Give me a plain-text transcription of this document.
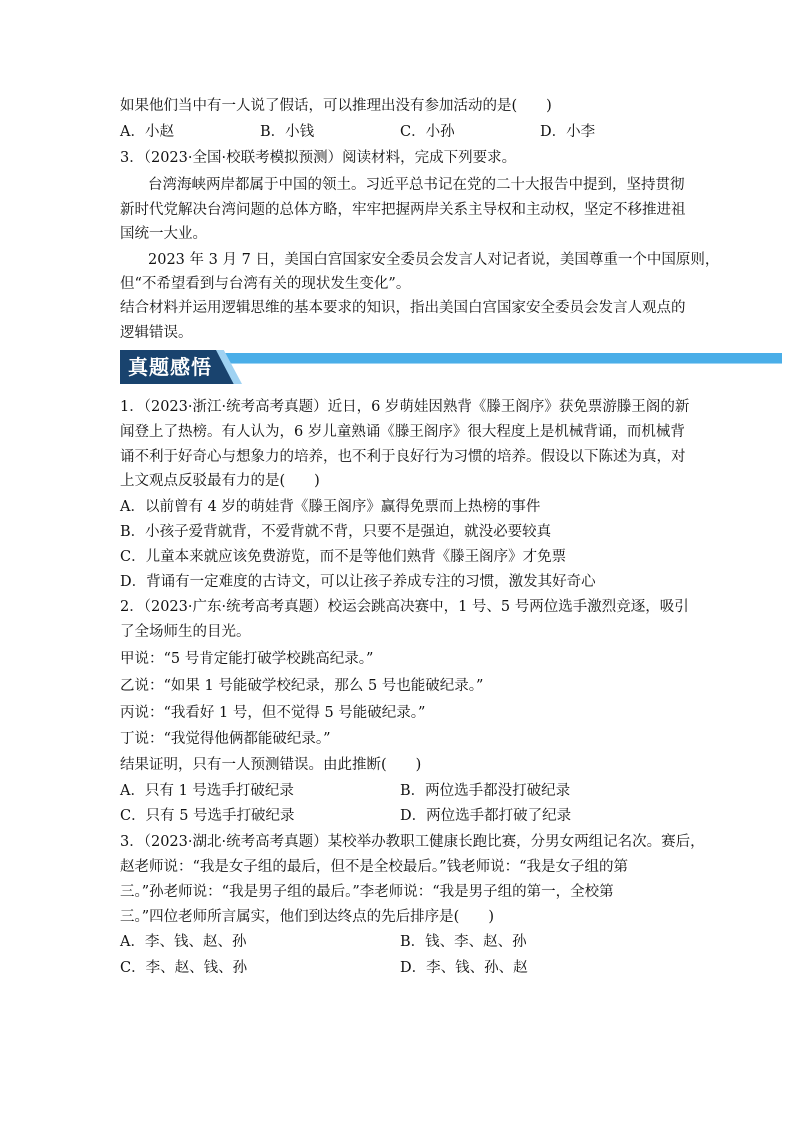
如果他们当中有一人说了假话，可以推理出没有参加活动的是(　　)
A．小赵	B．小钱	C．小孙	D．小李
3．（2023·全国·校联考模拟预测）阅读材料，完成下列要求。
台湾海峡两岸都属于中国的领土。习近平总书记在党的二十大报告中提到，坚持贯彻
新时代党解决台湾问题的总体方略，牢牢把握两岸关系主导权和主动权，坚定不移推进祖
国统一大业。
2023 年 3 月 7 日，美国白宫国家安全委员会发言人对记者说，美国尊重一个中国原则，
但“不希望看到与台湾有关的现状发生变化”。
结合材料并运用逻辑思维的基本要求的知识，指出美国白宫国家安全委员会发言人观点的
逻辑错误。
真题感悟
1．（2023·浙江·统考高考真题）近日，6 岁萌娃因熟背《滕王阁序》获免票游滕王阁的新
闻登上了热榜。有人认为，6 岁儿童熟诵《滕王阁序》很大程度上是机械背诵，而机械背
诵不利于好奇心与想象力的培养，也不利于良好行为习惯的培养。假设以下陈述为真，对
上文观点反驳最有力的是(　　)
A．以前曾有 4 岁的萌娃背《滕王阁序》赢得免票而上热榜的事件
B．小孩子爱背就背，不爱背就不背，只要不是强迫，就没必要较真
C．儿童本来就应该免费游览，而不是等他们熟背《滕王阁序》才免票
D．背诵有一定难度的古诗文，可以让孩子养成专注的习惯，激发其好奇心
2．（2023·广东·统考高考真题）校运会跳高决赛中，1 号、5 号两位选手激烈竞逐，吸引
了全场师生的目光。
甲说：“5 号肯定能打破学校跳高纪录。”
乙说：“如果 1 号能破学校纪录，那么 5 号也能破纪录。”
丙说：“我看好 1 号，但不觉得 5 号能破纪录。”
丁说：“我觉得他俩都能破纪录。”
结果证明，只有一人预测错误。由此推断(　　)
A．只有 1 号选手打破纪录	B．两位选手都没打破纪录
C．只有 5 号选手打破纪录	D．两位选手都打破了纪录
3．（2023·湖北·统考高考真题）某校举办教职工健康长跑比赛，分男女两组记名次。赛后，
赵老师说：“我是女子组的最后，但不是全校最后。”钱老师说：“我是女子组的第
三。”孙老师说：“我是男子组的最后。”李老师说：“我是男子组的第一，全校第
三。”四位老师所言属实，他们到达终点的先后排序是(　　)
A．李、钱、赵、孙	B．钱、李、赵、孙
C．李、赵、钱、孙	D．李、钱、孙、赵
